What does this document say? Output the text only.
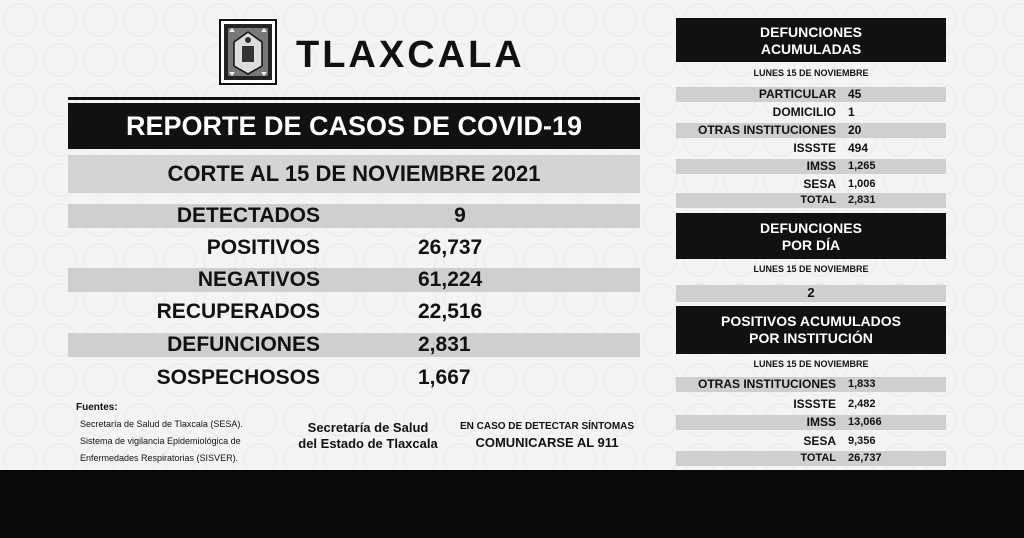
TLAXCALA
REPORTE DE CASOS DE COVID-19
CORTE AL 15 DE NOVIEMBRE 2021
DETECTADOS	9
POSITIVOS	26,737
NEGATIVOS	61,224
RECUPERADOS	22,516
DEFUNCIONES	2,831
SOSPECHOSOS	1,667
Fuentes:
Secretaría de Salud de Tlaxcala (SESA).
Sistema de vigilancia Epidemiológica de
Enfermedades Respiratorias (SISVER).
Secretaría de Salud
del Estado de Tlaxcala
EN CASO DE DETECTAR SÍNTOMAS
COMUNICARSE AL 911
DEFUNCIONES
ACUMULADAS
LUNES 15 DE NOVIEMBRE
PARTICULAR 45
DOMICILIO 1
OTRAS INSTITUCIONES 20
ISSSTE 494
IMSS 1,265
SESA 1,006
TOTAL 2,831
DEFUNCIONES
POR DÍA
LUNES 15 DE NOVIEMBRE
2
POSITIVOS ACUMULADOS
POR INSTITUCIÓN
LUNES 15 DE NOVIEMBRE
OTRAS INSTITUCIONES 1,833
ISSSTE 2,482
IMSS 13,066
SESA 9,356
TOTAL 26,737
